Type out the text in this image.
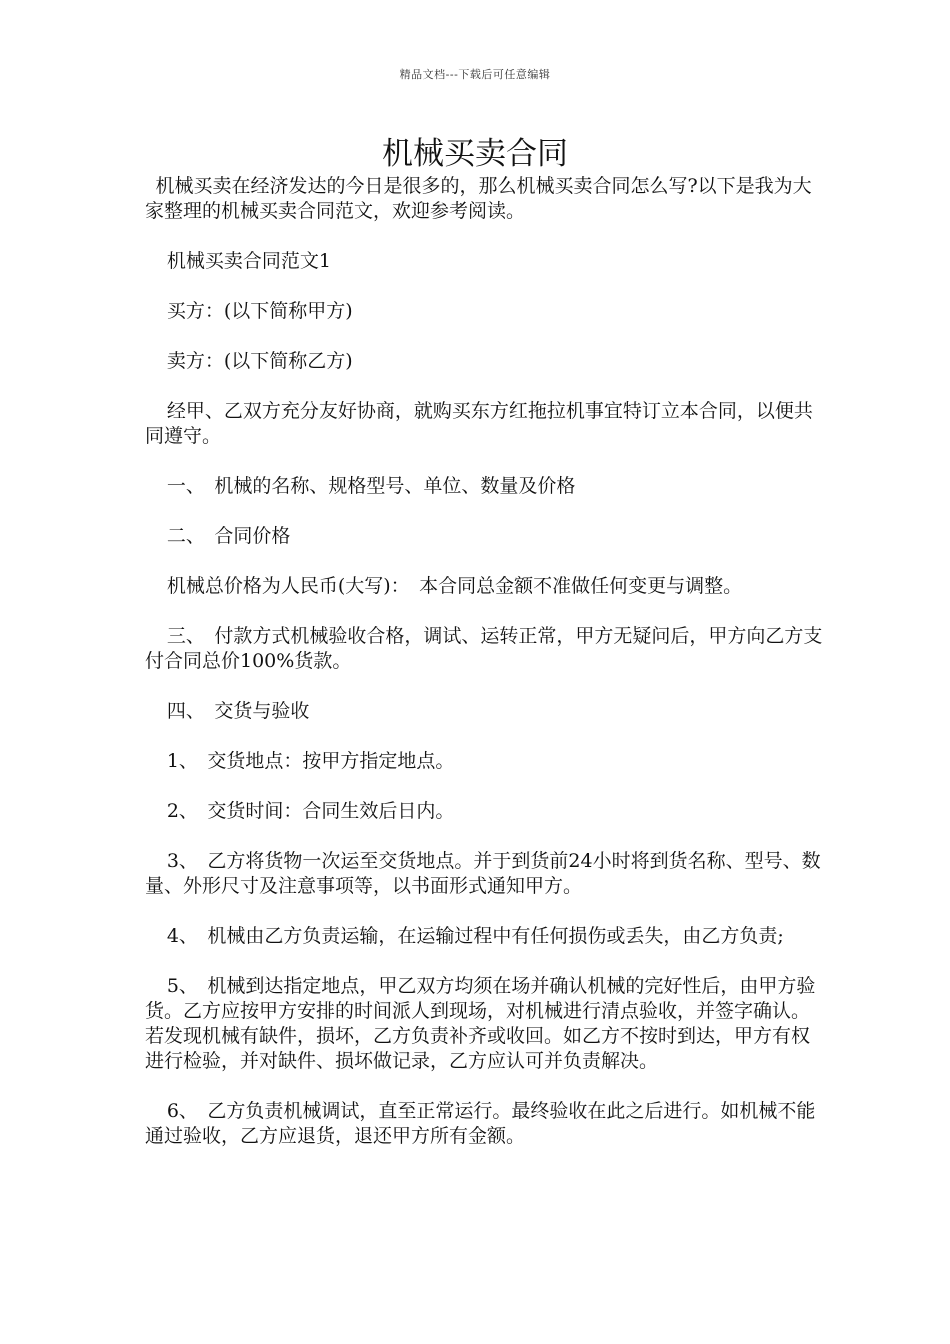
精品文档---下载后可任意编辑
机械买卖合同

机械买卖在经济发达的今日是很多的，那么机械买卖合同怎么写?以下是我为大家整理的机械买卖合同范文，欢迎参考阅读。

机械买卖合同范文1

买方：(以下简称甲方)

卖方：(以下简称乙方)

经甲、乙双方充分友好协商，就购买东方红拖拉机事宜特订立本合同，以便共同遵守。

一、　机械的名称、规格型号、单位、数量及价格

二、　合同价格

机械总价格为人民币(大写)：　本合同总金额不准做任何变更与调整。

三、　付款方式机械验收合格，调试、运转正常，甲方无疑问后，甲方向乙方支付合同总价100%货款。

四、　交货与验收

1、　交货地点：按甲方指定地点。

2、　交货时间：合同生效后日内。

3、　乙方将货物一次运至交货地点。并于到货前24小时将到货名称、型号、数量、外形尺寸及注意事项等，以书面形式通知甲方。

4、　机械由乙方负责运输，在运输过程中有任何损伤或丢失，由乙方负责;

5、　机械到达指定地点，甲乙双方均须在场并确认机械的完好性后，由甲方验货。乙方应按甲方安排的时间派人到现场，对机械进行清点验收，并签字确认。若发现机械有缺件，损坏，乙方负责补齐或收回。如乙方不按时到达，甲方有权进行检验，并对缺件、损坏做记录，乙方应认可并负责解决。

6、　乙方负责机械调试，直至正常运行。最终验收在此之后进行。如机械不能通过验收，乙方应退货，退还甲方所有金额。
